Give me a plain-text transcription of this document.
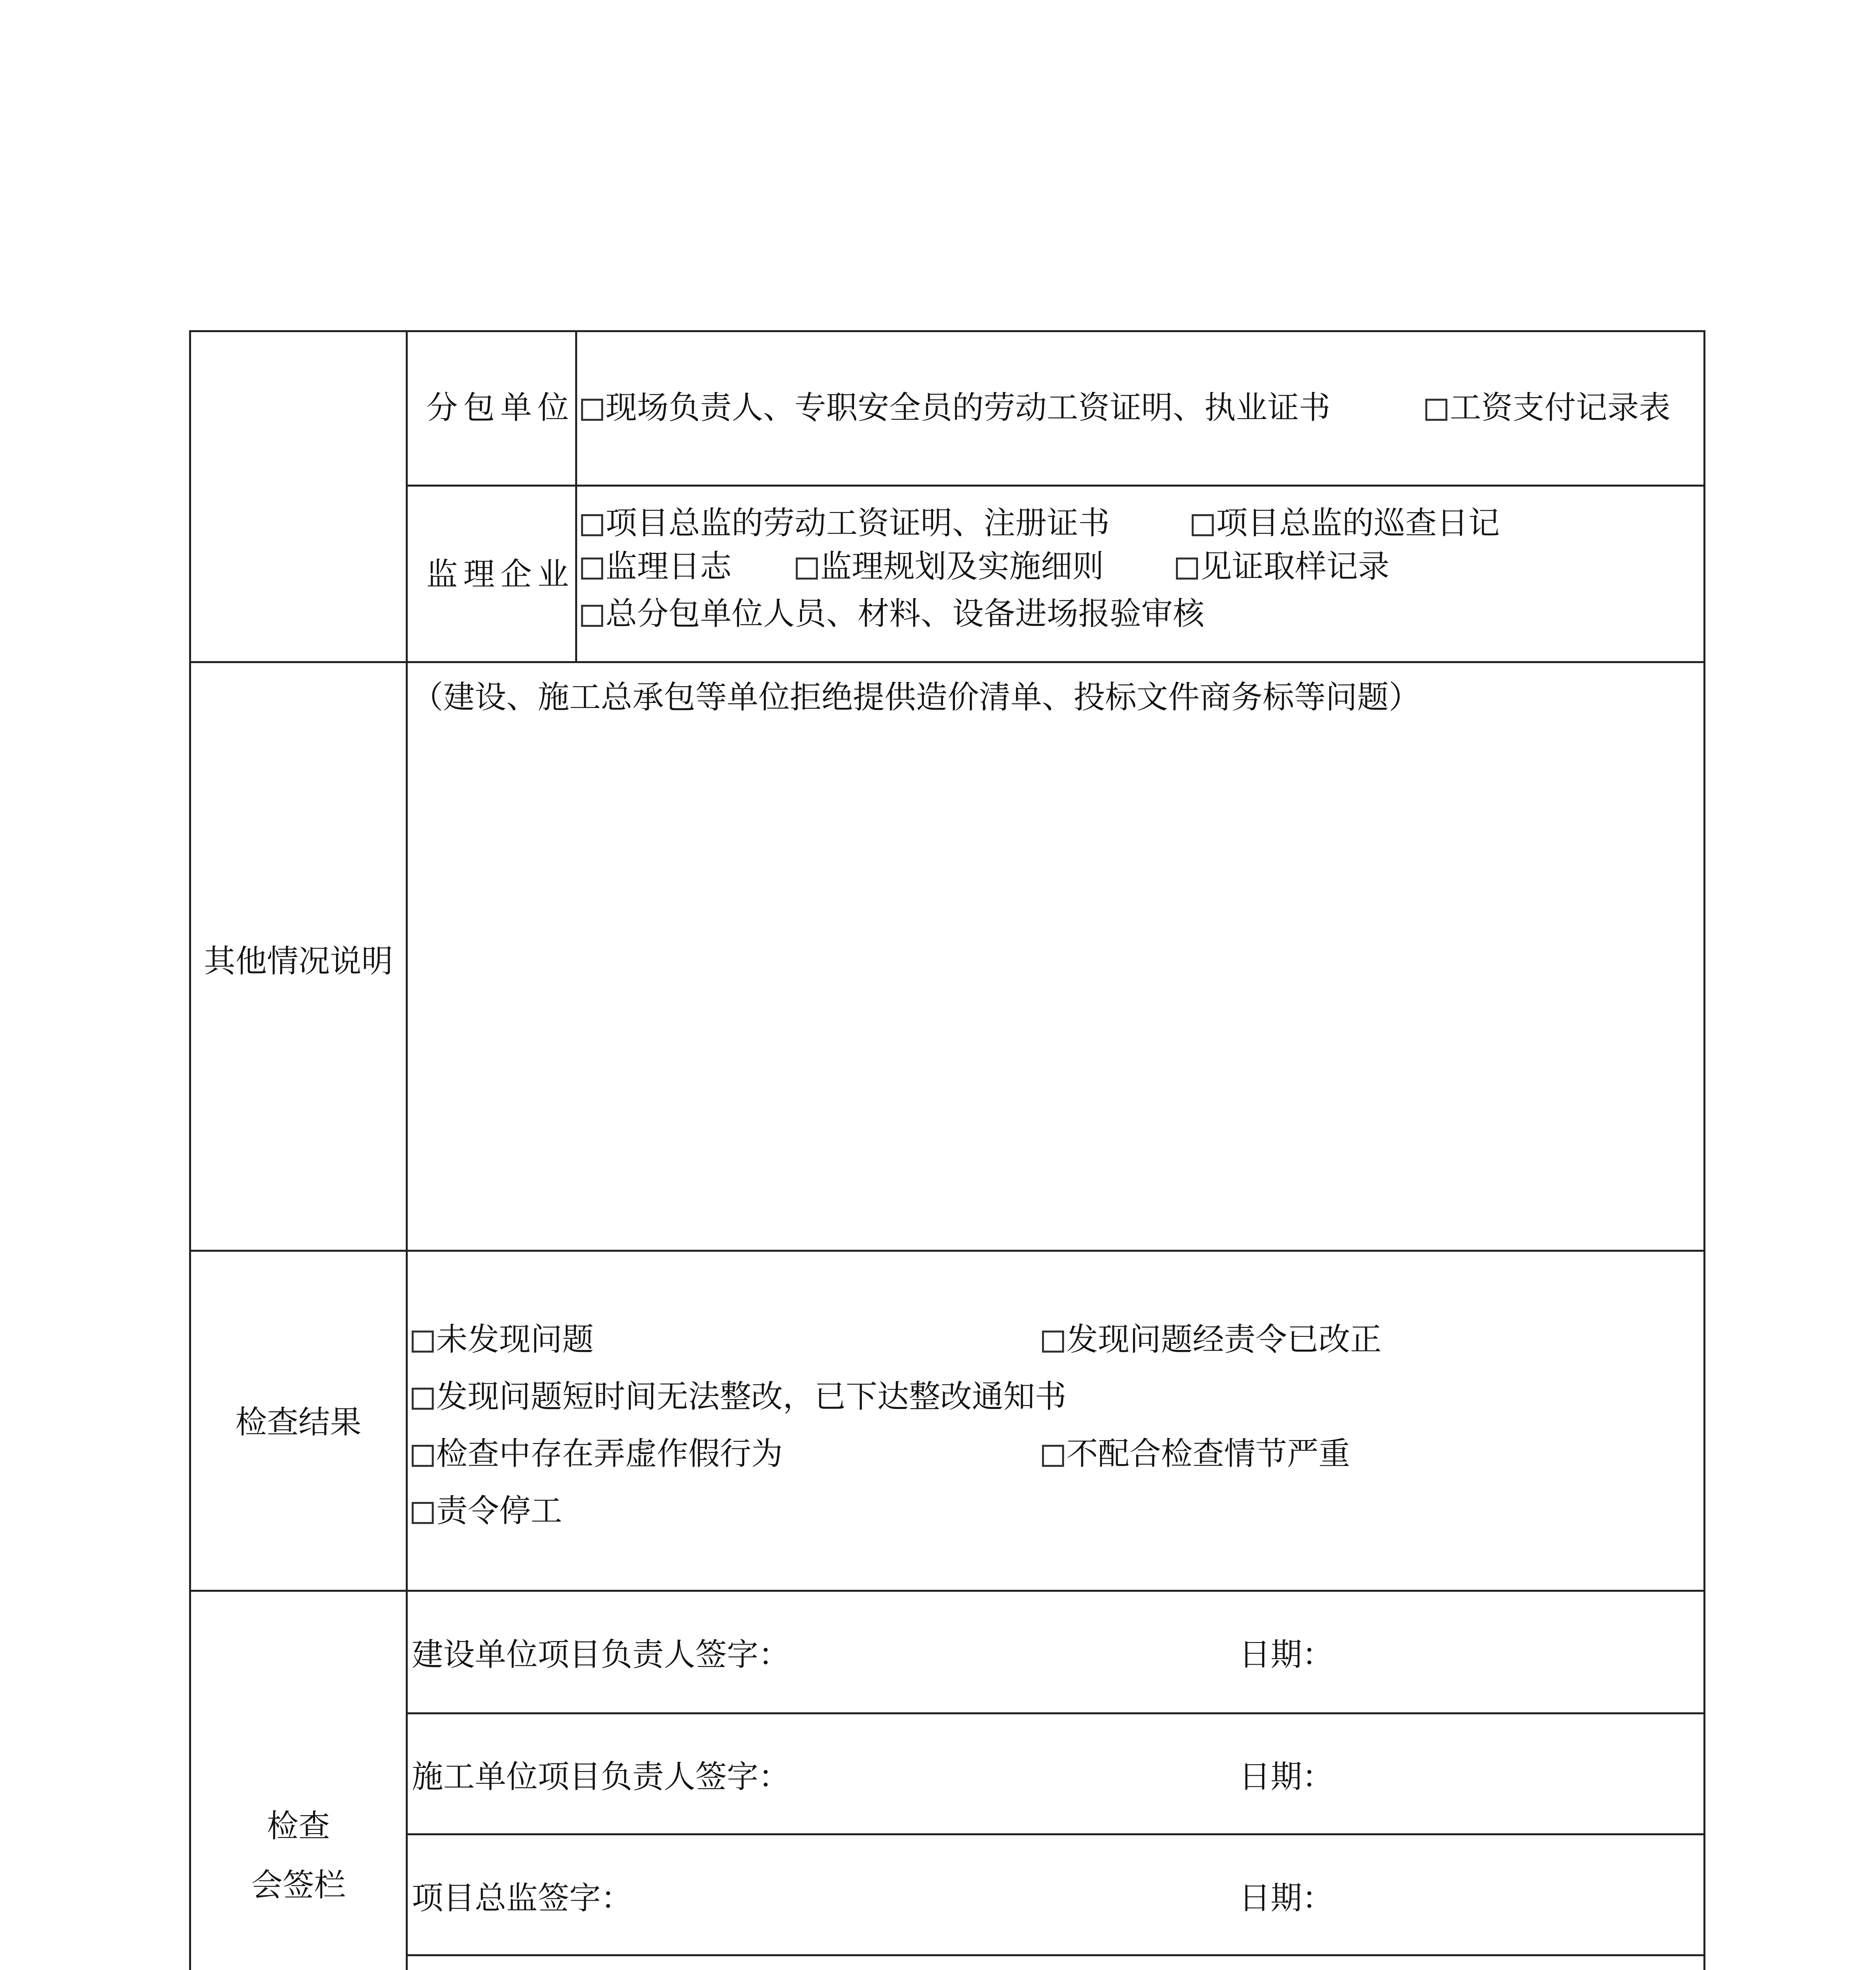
分包单位 现场负责人、专职安全员的劳动工资证明、执业证书	工资支付记录表
监理企业
项目总监的劳动工资证明、注册证书	项目总监的巡查日记
监理日志	监理规划及实施细则	见证取样记录
总分包单位人员、材料、设备进场报验审核
其他情况说明
（建设、施工总承包等单位拒绝提供造价清单、投标文件商务标等问题）
检查结果
未发现问题	发现问题经责令已改正
发现问题短时间无法整改，已下达整改通知书
检查中存在弄虚作假行为	不配合检查情节严重
责令停工
检查
会签栏
建设单位项目负责人签字：	日期：
施工单位项目负责人签字：	日期：
项目总监签字：	日期：
